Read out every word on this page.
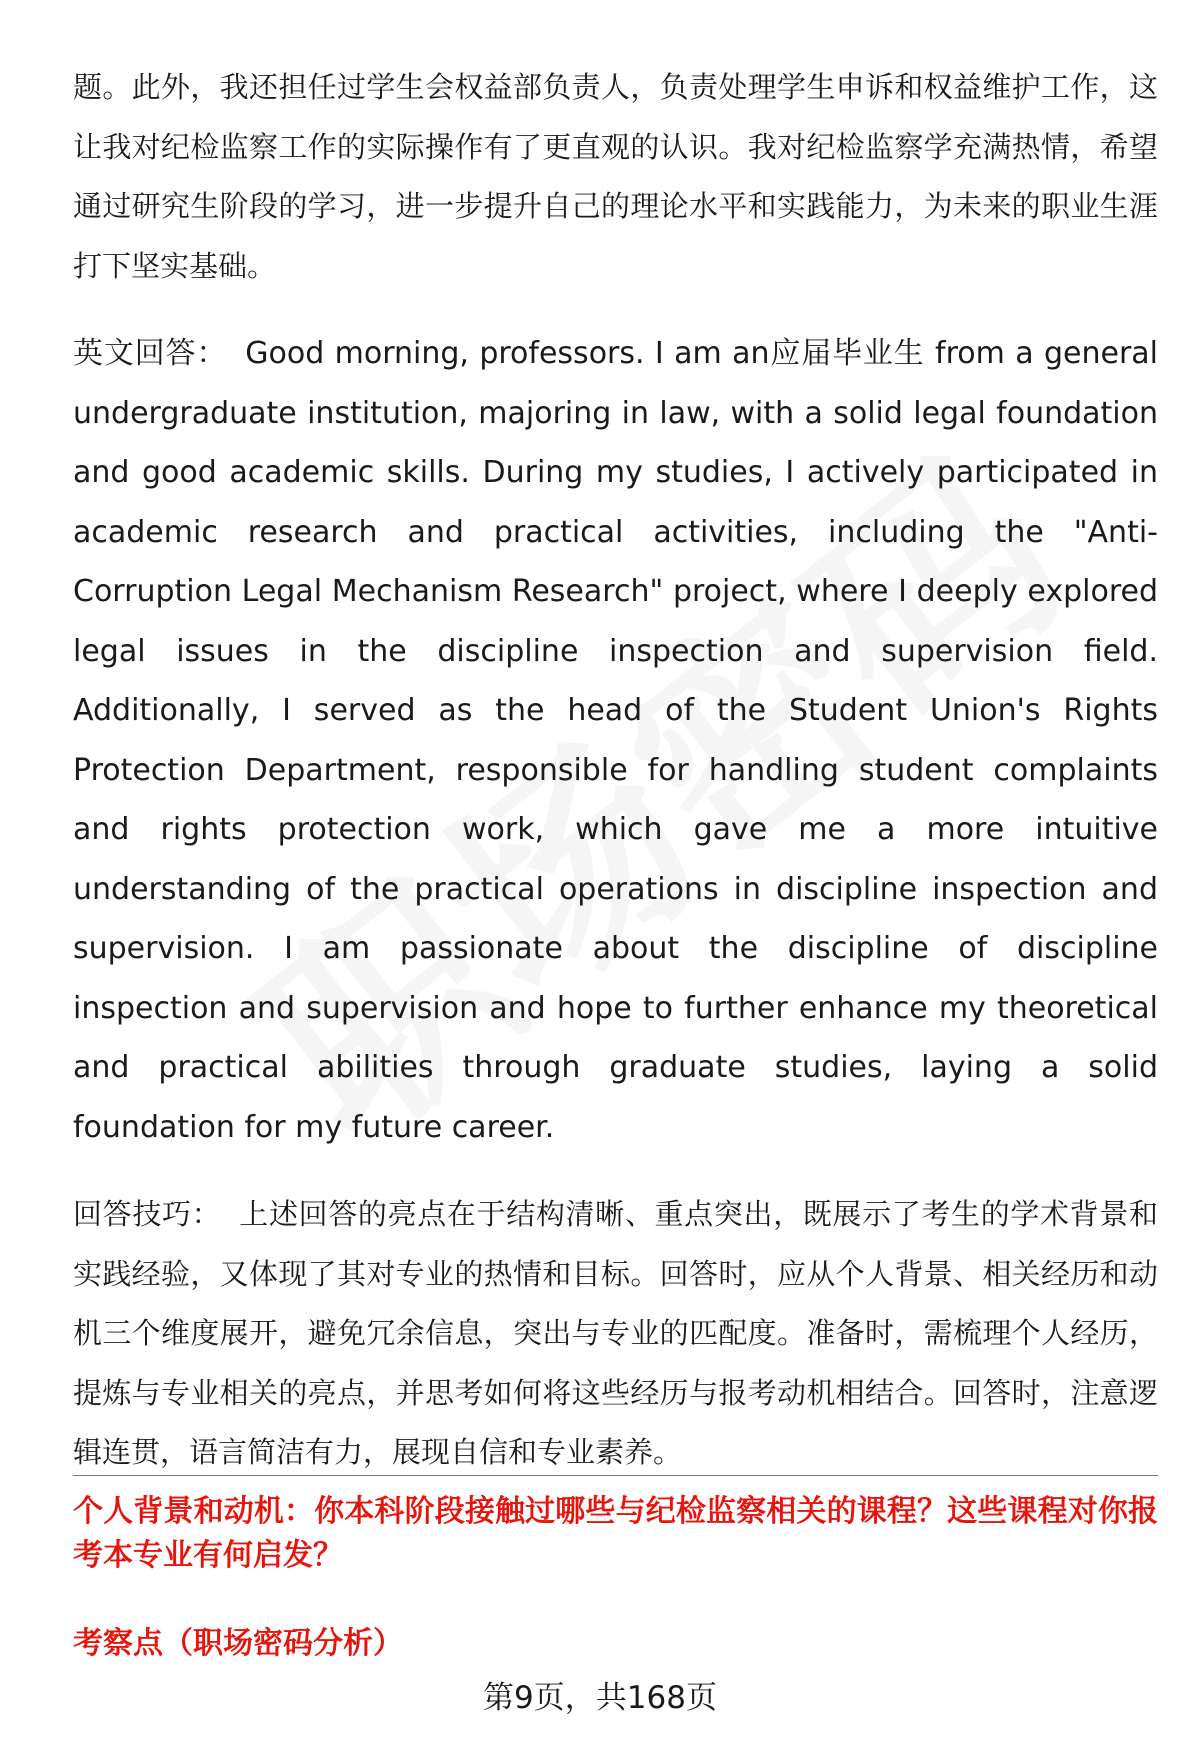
题。此外，我还担任过学生会权益部负责人，负责处理学生申诉和权益维护工作，这让我对纪检监察工作的实际操作有了更直观的认识。我对纪检监察学充满热情，希望通过研究生阶段的学习，进一步提升自己的理论水平和实践能力，为未来的职业生涯打下坚实基础。

英文回答： Good morning, professors. I am an应届毕业生 from a general undergraduate institution, majoring in law, with a solid legal foundation and good academic skills. During my studies, I actively participated in academic research and practical activities, including the "Anti-Corruption Legal Mechanism Research" project, where I deeply explored legal issues in the discipline inspection and supervision field. Additionally, I served as the head of the Student Union's Rights Protection Department, responsible for handling student complaints and rights protection work, which gave me a more intuitive understanding of the practical operations in discipline inspection and supervision. I am passionate about the discipline of discipline inspection and supervision and hope to further enhance my theoretical and practical abilities through graduate studies, laying a solid foundation for my future career.

回答技巧： 上述回答的亮点在于结构清晰、重点突出，既展示了考生的学术背景和实践经验，又体现了其对专业的热情和目标。回答时，应从个人背景、相关经历和动机三个维度展开，避免冗余信息，突出与专业的匹配度。准备时，需梳理个人经历，提炼与专业相关的亮点，并思考如何将这些经历与报考动机相结合。回答时，注意逻辑连贯，语言简洁有力，展现自信和专业素养。

个人背景和动机：你本科阶段接触过哪些与纪检监察相关的课程？这些课程对你报考本专业有何启发？

考察点（职场密码分析）

第9页，共168页
